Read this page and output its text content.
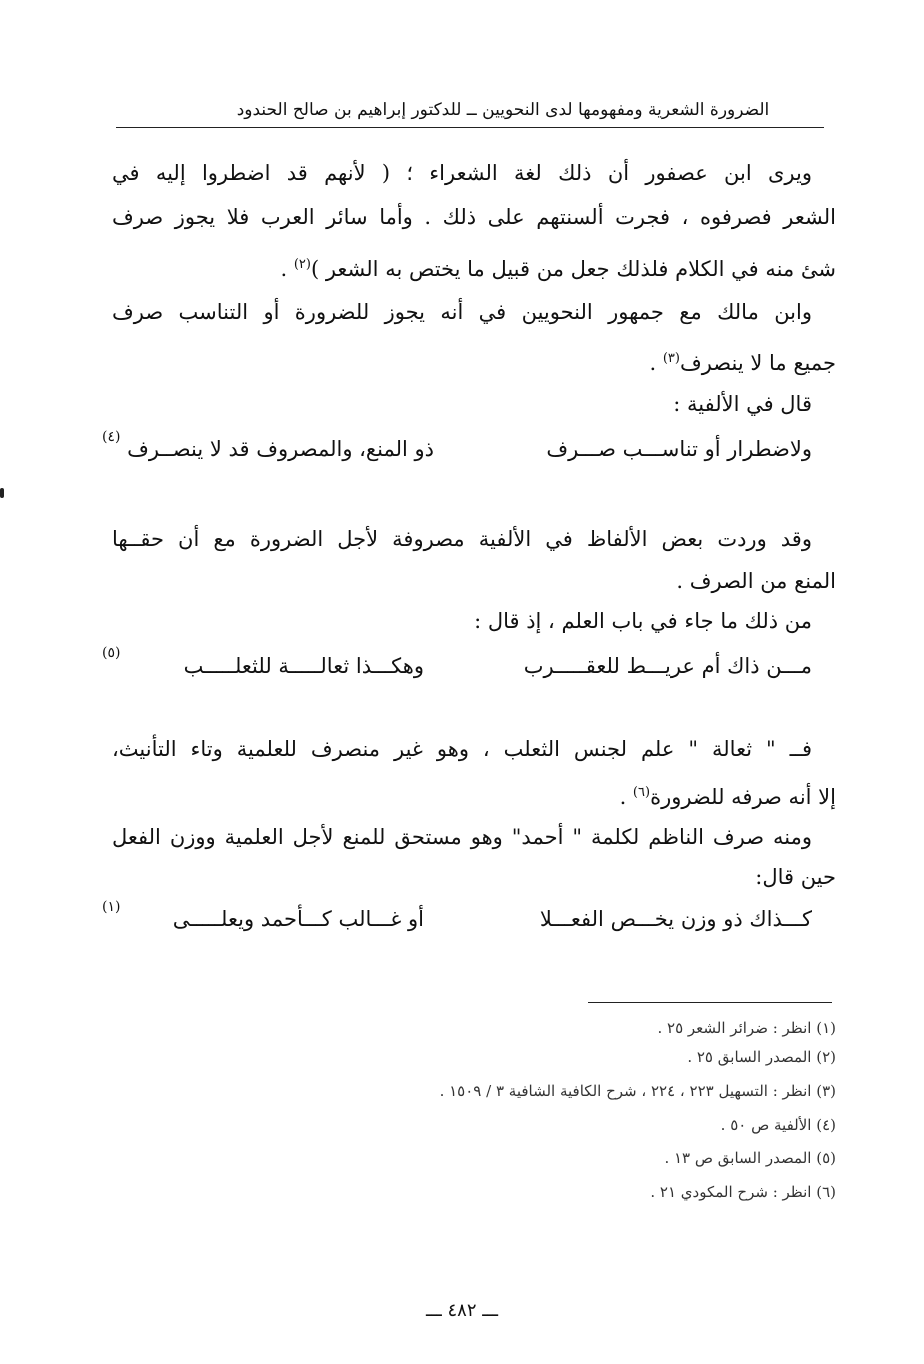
الضرورة الشعرية ومفهومها لدى النحويين ــ للدكتور إبراهيم بن صالح الحندود
ويرى ابن عصفور أن ذلك لغة الشعراء ؛ ( لأنهم قد اضطروا إليه في
الشعر فصرفوه ، فجرت ألسنتهم على ذلك . وأما سائر العرب فلا يجوز صرف
شئ منه في الكلام فلذلك جعل من قبيل ما يختص به الشعر )$^{(٢)}$ .
وابن مالك مع جمهور النحويين في أنه يجوز للضرورة أو التناسب صرف
جميع ما لا ينصرف$^{(٣)}$ .
قال في الألفية :
ولاضطرار أو تناســـب صـــرف
ذو المنع، والمصروف قد لا ينصــرف
(٤)
وقد وردت بعض الألفاظ في الألفية مصروفة لأجل الضرورة مع أن حقــها
المنع من الصرف .
من ذلك ما جاء في باب العلم ، إذ قال :
مـــن ذاك أم عريـــط للعقـــــرب
وهكـــذا ثعالـــــة للثعلـــــب
(٥)
فــ " ثعالة " علم لجنس الثعلب ، وهو غير منصرف للعلمية وتاء التأنيث،
إلا أنه صرفه للضرورة$^{(٦)}$ .
ومنه صرف الناظم لكلمة " أحمد" وهو مستحق للمنع لأجل العلمية ووزن الفعل
حين قال:
كـــذاك ذو وزن يخـــص الفعـــلا
أو غـــالب كـــأحمد ويعلـــــى
(١)
(١) انظر : ضرائر الشعر ٢٥ .
(٢) المصدر السابق ٢٥ .
(٣) انظر : التسهيل ٢٢٣ ، ٢٢٤ ، شرح الكافية الشافية ٣ / ١٥٠٩ .
(٤) الألفية ص ٥٠ .
(٥) المصدر السابق ص ١٣ .
(٦) انظر : شرح المكودي ٢١ .
ـــ ٤٨٢ ـــ
